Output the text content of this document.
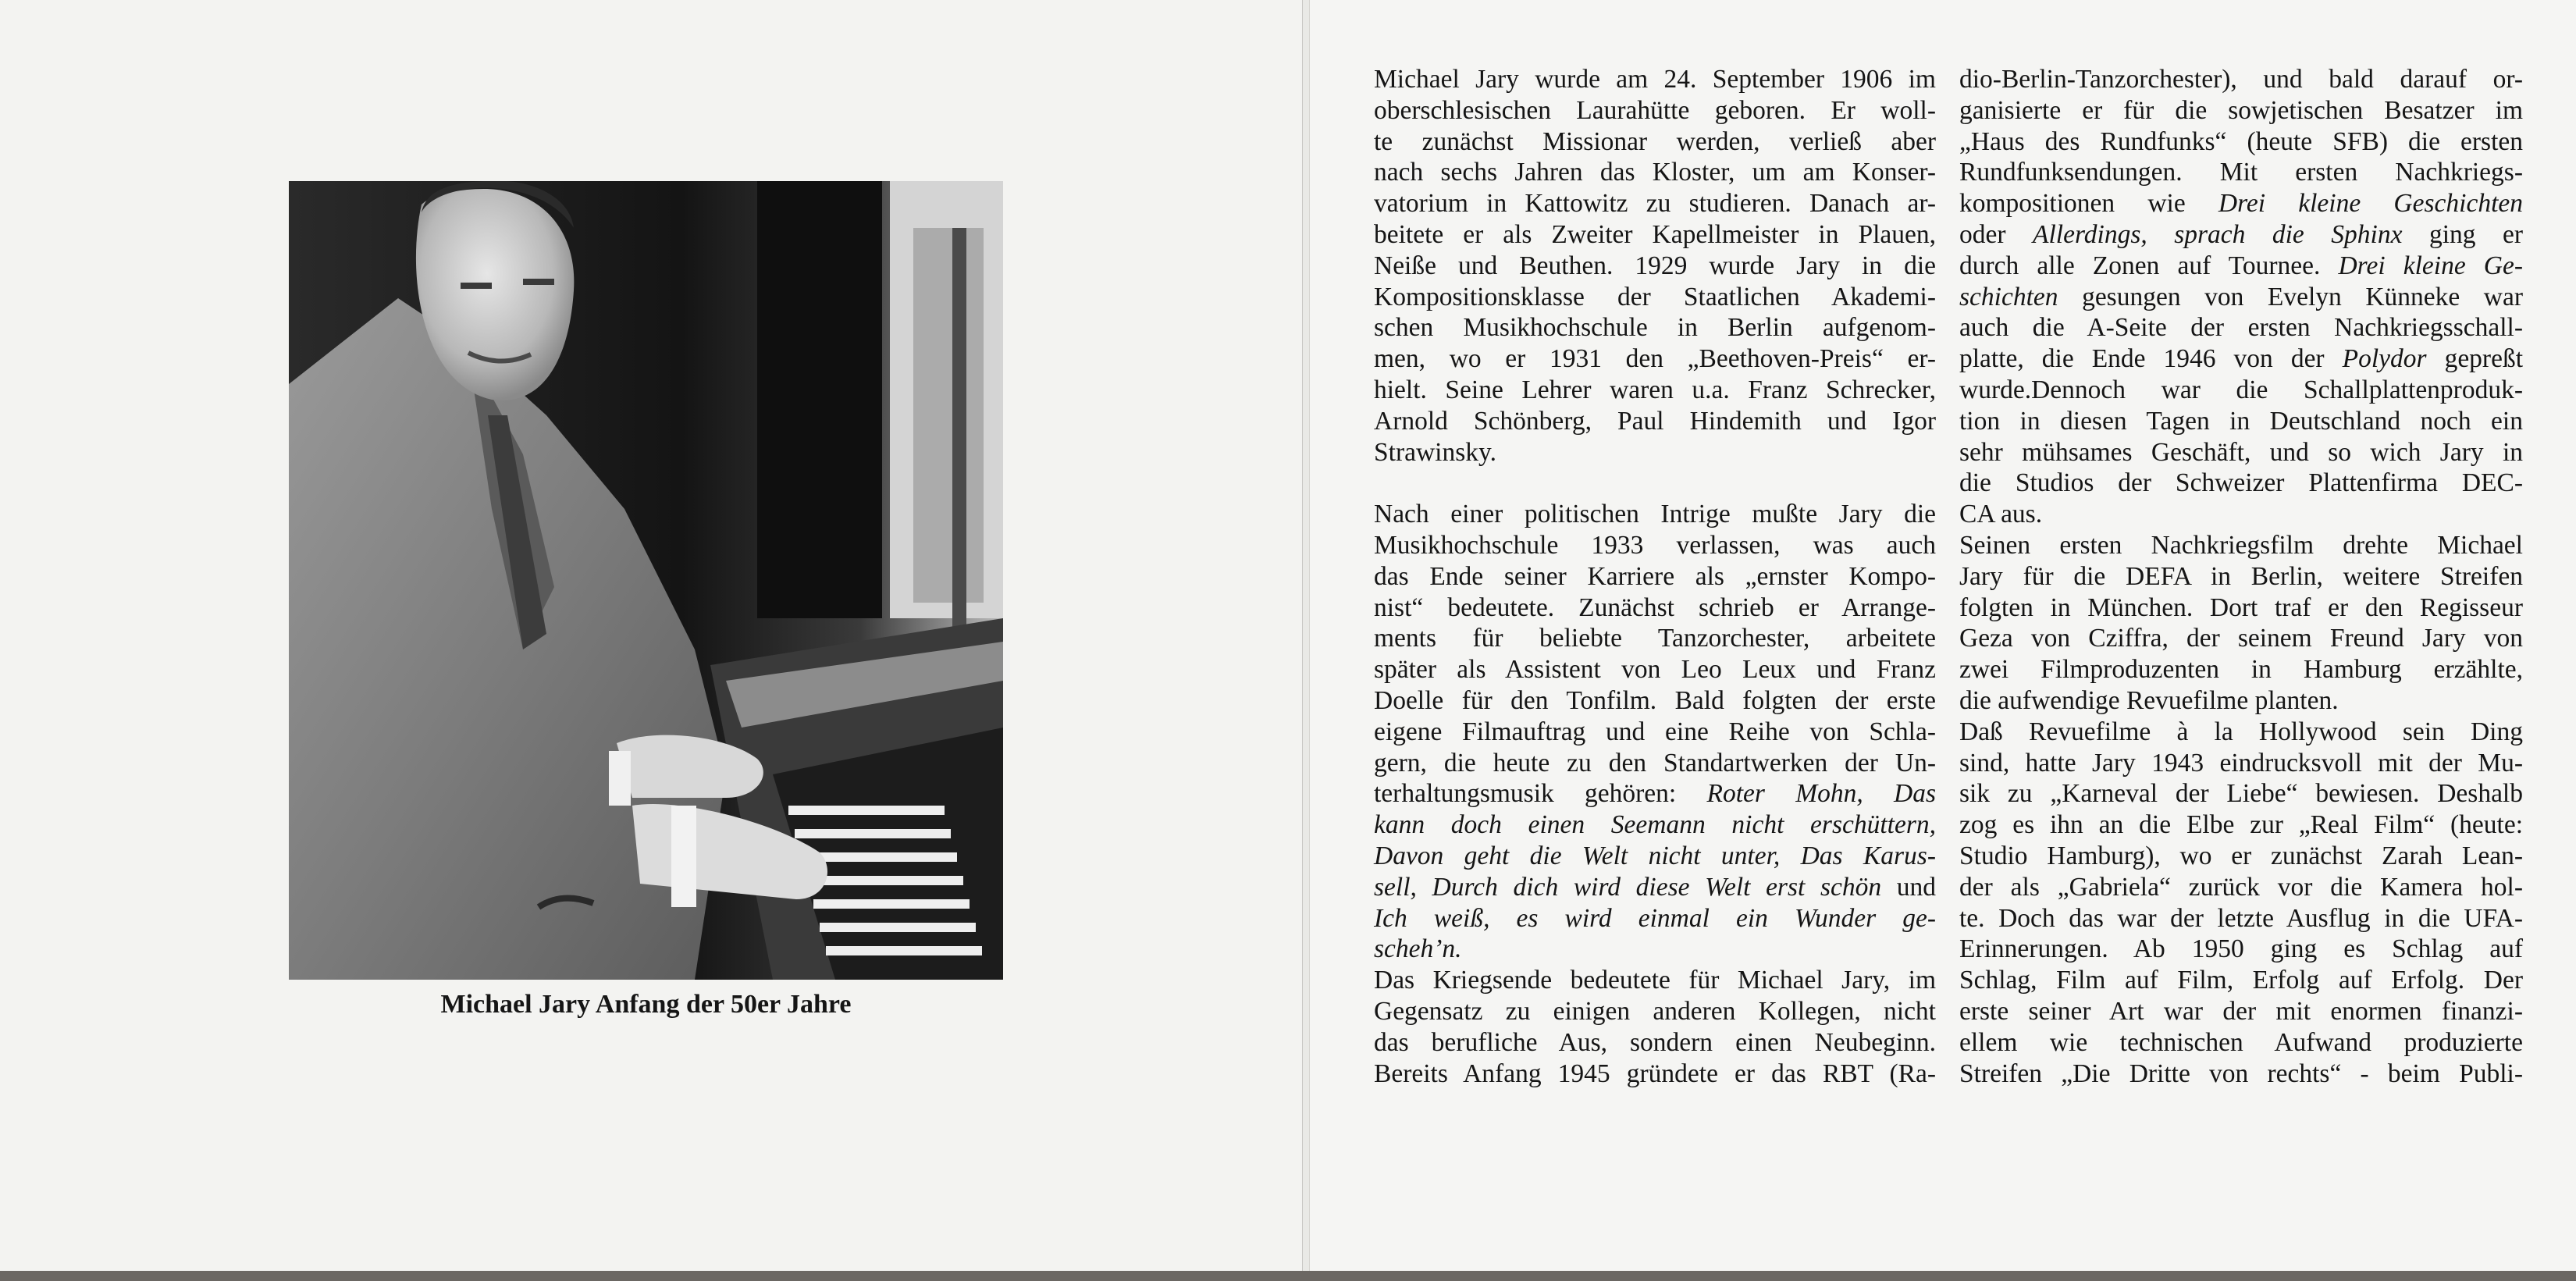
Michael Jary Anfang der 50er Jahre
Michael Jary wurde am 24. September 1906 im
oberschlesischen Laurahütte geboren. Er woll-
te zunächst Missionar werden, verließ aber
nach sechs Jahren das Kloster, um am Konser-
vatorium in Kattowitz zu studieren. Danach ar-
beitete er als Zweiter Kapellmeister in Plauen,
Neiße und Beuthen. 1929 wurde Jary in die
Kompositionsklasse der Staatlichen Akademi-
schen Musikhochschule in Berlin aufgenom-
men, wo er 1931 den „Beethoven-Preis“ er-
hielt. Seine Lehrer waren u.a. Franz Schrecker,
Arnold Schönberg, Paul Hindemith und Igor
Strawinsky.
Nach einer politischen Intrige mußte Jary die
Musikhochschule 1933 verlassen, was auch
das Ende seiner Karriere als „ernster Kompo-
nist“ bedeutete. Zunächst schrieb er Arrange-
ments für beliebte Tanzorchester, arbeitete
später als Assistent von Leo Leux und Franz
Doelle für den Tonfilm. Bald folgten der erste
eigene Filmauftrag und eine Reihe von Schla-
gern, die heute zu den Standartwerken der Un-
terhaltungsmusik gehören: Roter Mohn, Das
kann doch einen Seemann nicht erschüttern,
Davon geht die Welt nicht unter, Das Karus-
sell, Durch dich wird diese Welt erst schön und
Ich weiß, es wird einmal ein Wunder ge-
scheh’n.
Das Kriegsende bedeutete für Michael Jary, im
Gegensatz zu einigen anderen Kollegen, nicht
das berufliche Aus, sondern einen Neubeginn.
Bereits Anfang 1945 gründete er das RBT (Ra-
dio-Berlin-Tanzorchester), und bald darauf or-
ganisierte er für die sowjetischen Besatzer im
„Haus des Rundfunks“ (heute SFB) die ersten
Rundfunksendungen. Mit ersten Nachkriegs-
kompositionen wie Drei kleine Geschichten
oder Allerdings, sprach die Sphinx ging er
durch alle Zonen auf Tournee. Drei kleine Ge-
schichten gesungen von Evelyn Künneke war
auch die A-Seite der ersten Nachkriegsschall-
platte, die Ende 1946 von der Polydor gepreßt
wurde.Dennoch war die Schallplattenproduk-
tion in diesen Tagen in Deutschland noch ein
sehr mühsames Geschäft, und so wich Jary in
die Studios der Schweizer Plattenfirma DEC-
CA aus.
Seinen ersten Nachkriegsfilm drehte Michael
Jary für die DEFA in Berlin, weitere Streifen
folgten in München. Dort traf er den Regisseur
Geza von Cziffra, der seinem Freund Jary von
zwei Filmproduzenten in Hamburg erzählte,
die aufwendige Revuefilme planten.
Daß Revuefilme à la Hollywood sein Ding
sind, hatte Jary 1943 eindrucksvoll mit der Mu-
sik zu „Karneval der Liebe“ bewiesen. Deshalb
zog es ihn an die Elbe zur „Real Film“ (heute:
Studio Hamburg), wo er zunächst Zarah Lean-
der als „Gabriela“ zurück vor die Kamera hol-
te. Doch das war der letzte Ausflug in die UFA-
Erinnerungen. Ab 1950 ging es Schlag auf
Schlag, Film auf Film, Erfolg auf Erfolg. Der
erste seiner Art war der mit enormen finanzi-
ellem wie technischen Aufwand produzierte
Streifen „Die Dritte von rechts“ - beim Publi-
